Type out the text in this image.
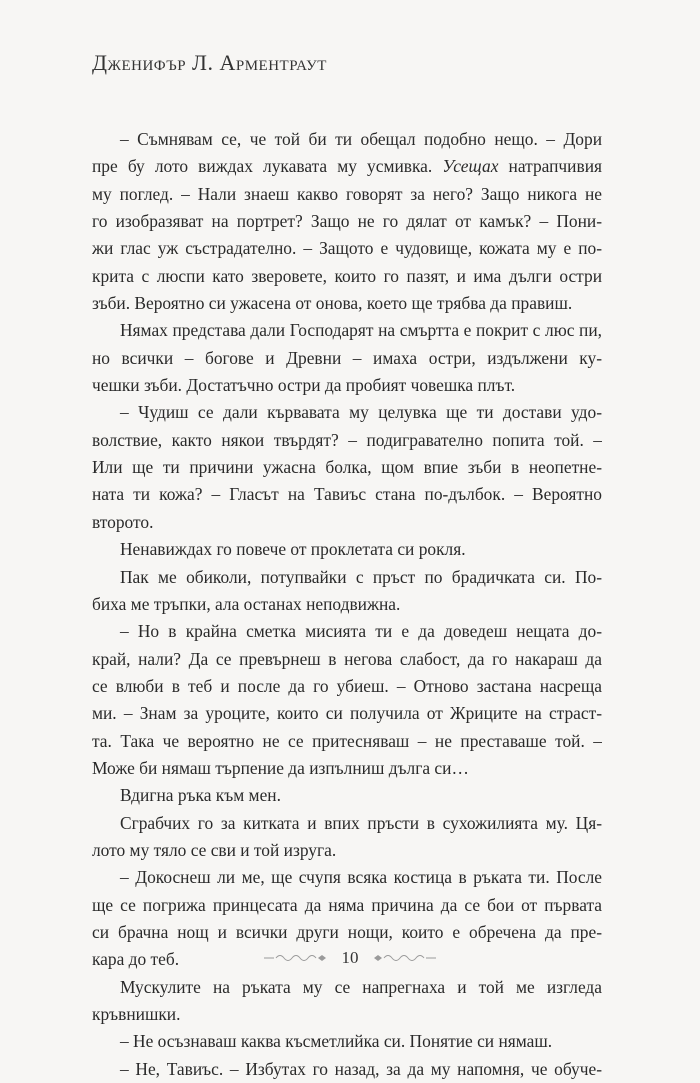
Дженифър Л. Арментраут
– Съмнявам се, че той би ти обещал подобно нещо. – Дори
пре бу лото виждах лукавата му усмивка. Усещах натрапчивия
му поглед. – Нали знаеш какво говорят за него? Защо никога не
го изобразяват на портрет? Защо не го дялат от камък? – Пони-
жи глас уж състрадателно. – Защото е чудовище, кожата му е по-
крита с люспи като зверовете, които го пазят, и има дълги остри
зъби. Вероятно си ужасена от онова, което ще трябва да правиш.
Нямах представа дали Господарят на смъртта е покрит с люс пи,
но всички – богове и Древни – имаха остри, издължени ку-
чешки зъби. Достатъчно остри да пробият човешка плът.
– Чудиш се дали кървавата му целувка ще ти достави удо-
волствие, както някои твърдят? – подигравателно попита той. –
Или ще ти причини ужасна болка, щом впие зъби в неопетне-
ната ти кожа? – Гласът на Тавиъс стана по-дълбок. – Вероятно
второто.
Ненавиждах го повече от проклетата си рокля.
Пак ме обиколи, потупвайки с пръст по брадичката си. По-
биха ме тръпки, ала останах неподвижна.
– Но в крайна сметка мисията ти е да доведеш нещата до-
край, нали? Да се превърнеш в негова слабост, да го накараш да
се влюби в теб и после да го убиеш. – Отново застана насреща
ми. – Знам за уроците, които си получила от Жриците на страст-
та. Така че вероятно не се притесняваш – не преставаше той. –
Може би нямаш търпение да изпълниш дълга си…
Вдигна ръка към мен.
Сграбчих го за китката и впих пръсти в сухожилията му. Ця-
лото му тяло се сви и той изруга.
– Докоснеш ли ме, ще счупя всяка костица в ръката ти. После
ще се погрижа принцесата да няма причина да се бои от първата
си брачна нощ и всички други нощи, които е обречена да пре-
кара до теб.
Мускулите на ръката му се напрегнаха и той ме изгледа
кръвнишки.
– Не осъзнаваш каква късметлийка си. Понятие си нямаш.
– Не, Тавиъс. – Избутах го назад, за да му напомня, че обуче-
10
